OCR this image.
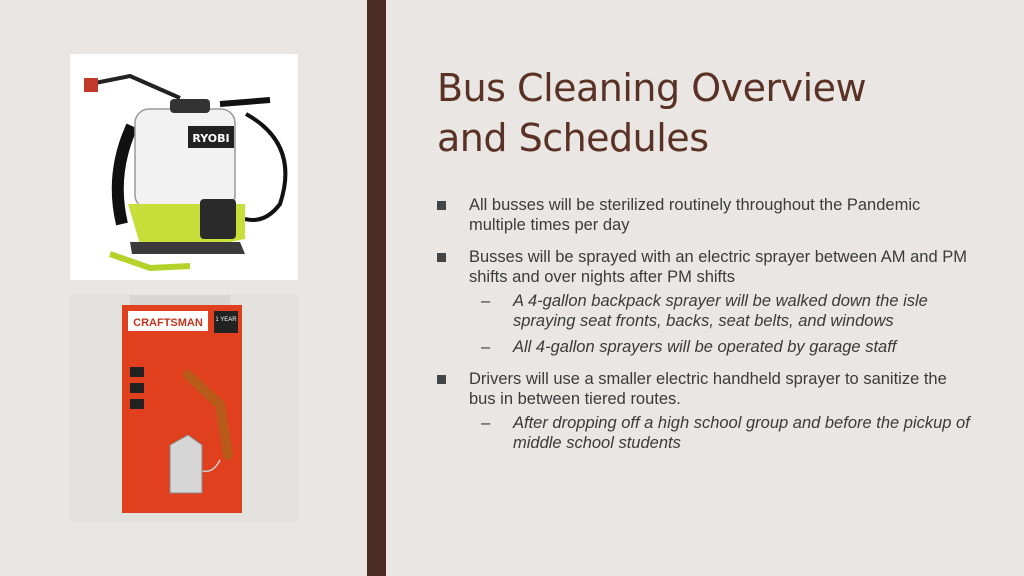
RYOBI
CRAFTSMAN 1 YEAR
Bus Cleaning Overview
and Schedules
All busses will be sterilized routinely throughout the Pandemic multiple times per day
Busses will be sprayed with an electric sprayer between AM and PM shifts and over nights after PM shifts
– A 4-gallon backpack sprayer will be walked down the isle spraying seat fronts, backs, seat belts, and windows
– All 4-gallon sprayers will be operated by garage staff
Drivers will use a smaller electric handheld sprayer to sanitize the bus in between tiered routes.
– After dropping off a high school group and before the pickup of middle school students
